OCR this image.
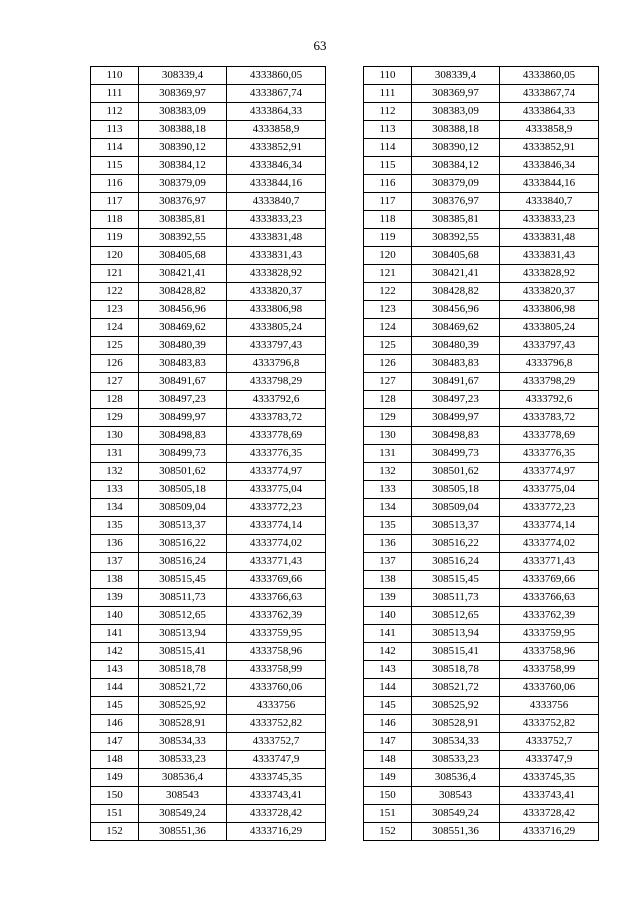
63
110	308339,4	4333860,05
111	308369,97	4333867,74
112	308383,09	4333864,33
113	308388,18	4333858,9
114	308390,12	4333852,91
115	308384,12	4333846,34
116	308379,09	4333844,16
117	308376,97	4333840,7
118	308385,81	4333833,23
119	308392,55	4333831,48
120	308405,68	4333831,43
121	308421,41	4333828,92
122	308428,82	4333820,37
123	308456,96	4333806,98
124	308469,62	4333805,24
125	308480,39	4333797,43
126	308483,83	4333796,8
127	308491,67	4333798,29
128	308497,23	4333792,6
129	308499,97	4333783,72
130	308498,83	4333778,69
131	308499,73	4333776,35
132	308501,62	4333774,97
133	308505,18	4333775,04
134	308509,04	4333772,23
135	308513,37	4333774,14
136	308516,22	4333774,02
137	308516,24	4333771,43
138	308515,45	4333769,66
139	308511,73	4333766,63
140	308512,65	4333762,39
141	308513,94	4333759,95
142	308515,41	4333758,96
143	308518,78	4333758,99
144	308521,72	4333760,06
145	308525,92	4333756
146	308528,91	4333752,82
147	308534,33	4333752,7
148	308533,23	4333747,9
149	308536,4	4333745,35
150	308543	4333743,41
151	308549,24	4333728,42
152	308551,36	4333716,29
110	308339,4	4333860,05
111	308369,97	4333867,74
112	308383,09	4333864,33
113	308388,18	4333858,9
114	308390,12	4333852,91
115	308384,12	4333846,34
116	308379,09	4333844,16
117	308376,97	4333840,7
118	308385,81	4333833,23
119	308392,55	4333831,48
120	308405,68	4333831,43
121	308421,41	4333828,92
122	308428,82	4333820,37
123	308456,96	4333806,98
124	308469,62	4333805,24
125	308480,39	4333797,43
126	308483,83	4333796,8
127	308491,67	4333798,29
128	308497,23	4333792,6
129	308499,97	4333783,72
130	308498,83	4333778,69
131	308499,73	4333776,35
132	308501,62	4333774,97
133	308505,18	4333775,04
134	308509,04	4333772,23
135	308513,37	4333774,14
136	308516,22	4333774,02
137	308516,24	4333771,43
138	308515,45	4333769,66
139	308511,73	4333766,63
140	308512,65	4333762,39
141	308513,94	4333759,95
142	308515,41	4333758,96
143	308518,78	4333758,99
144	308521,72	4333760,06
145	308525,92	4333756
146	308528,91	4333752,82
147	308534,33	4333752,7
148	308533,23	4333747,9
149	308536,4	4333745,35
150	308543	4333743,41
151	308549,24	4333728,42
152	308551,36	4333716,29
